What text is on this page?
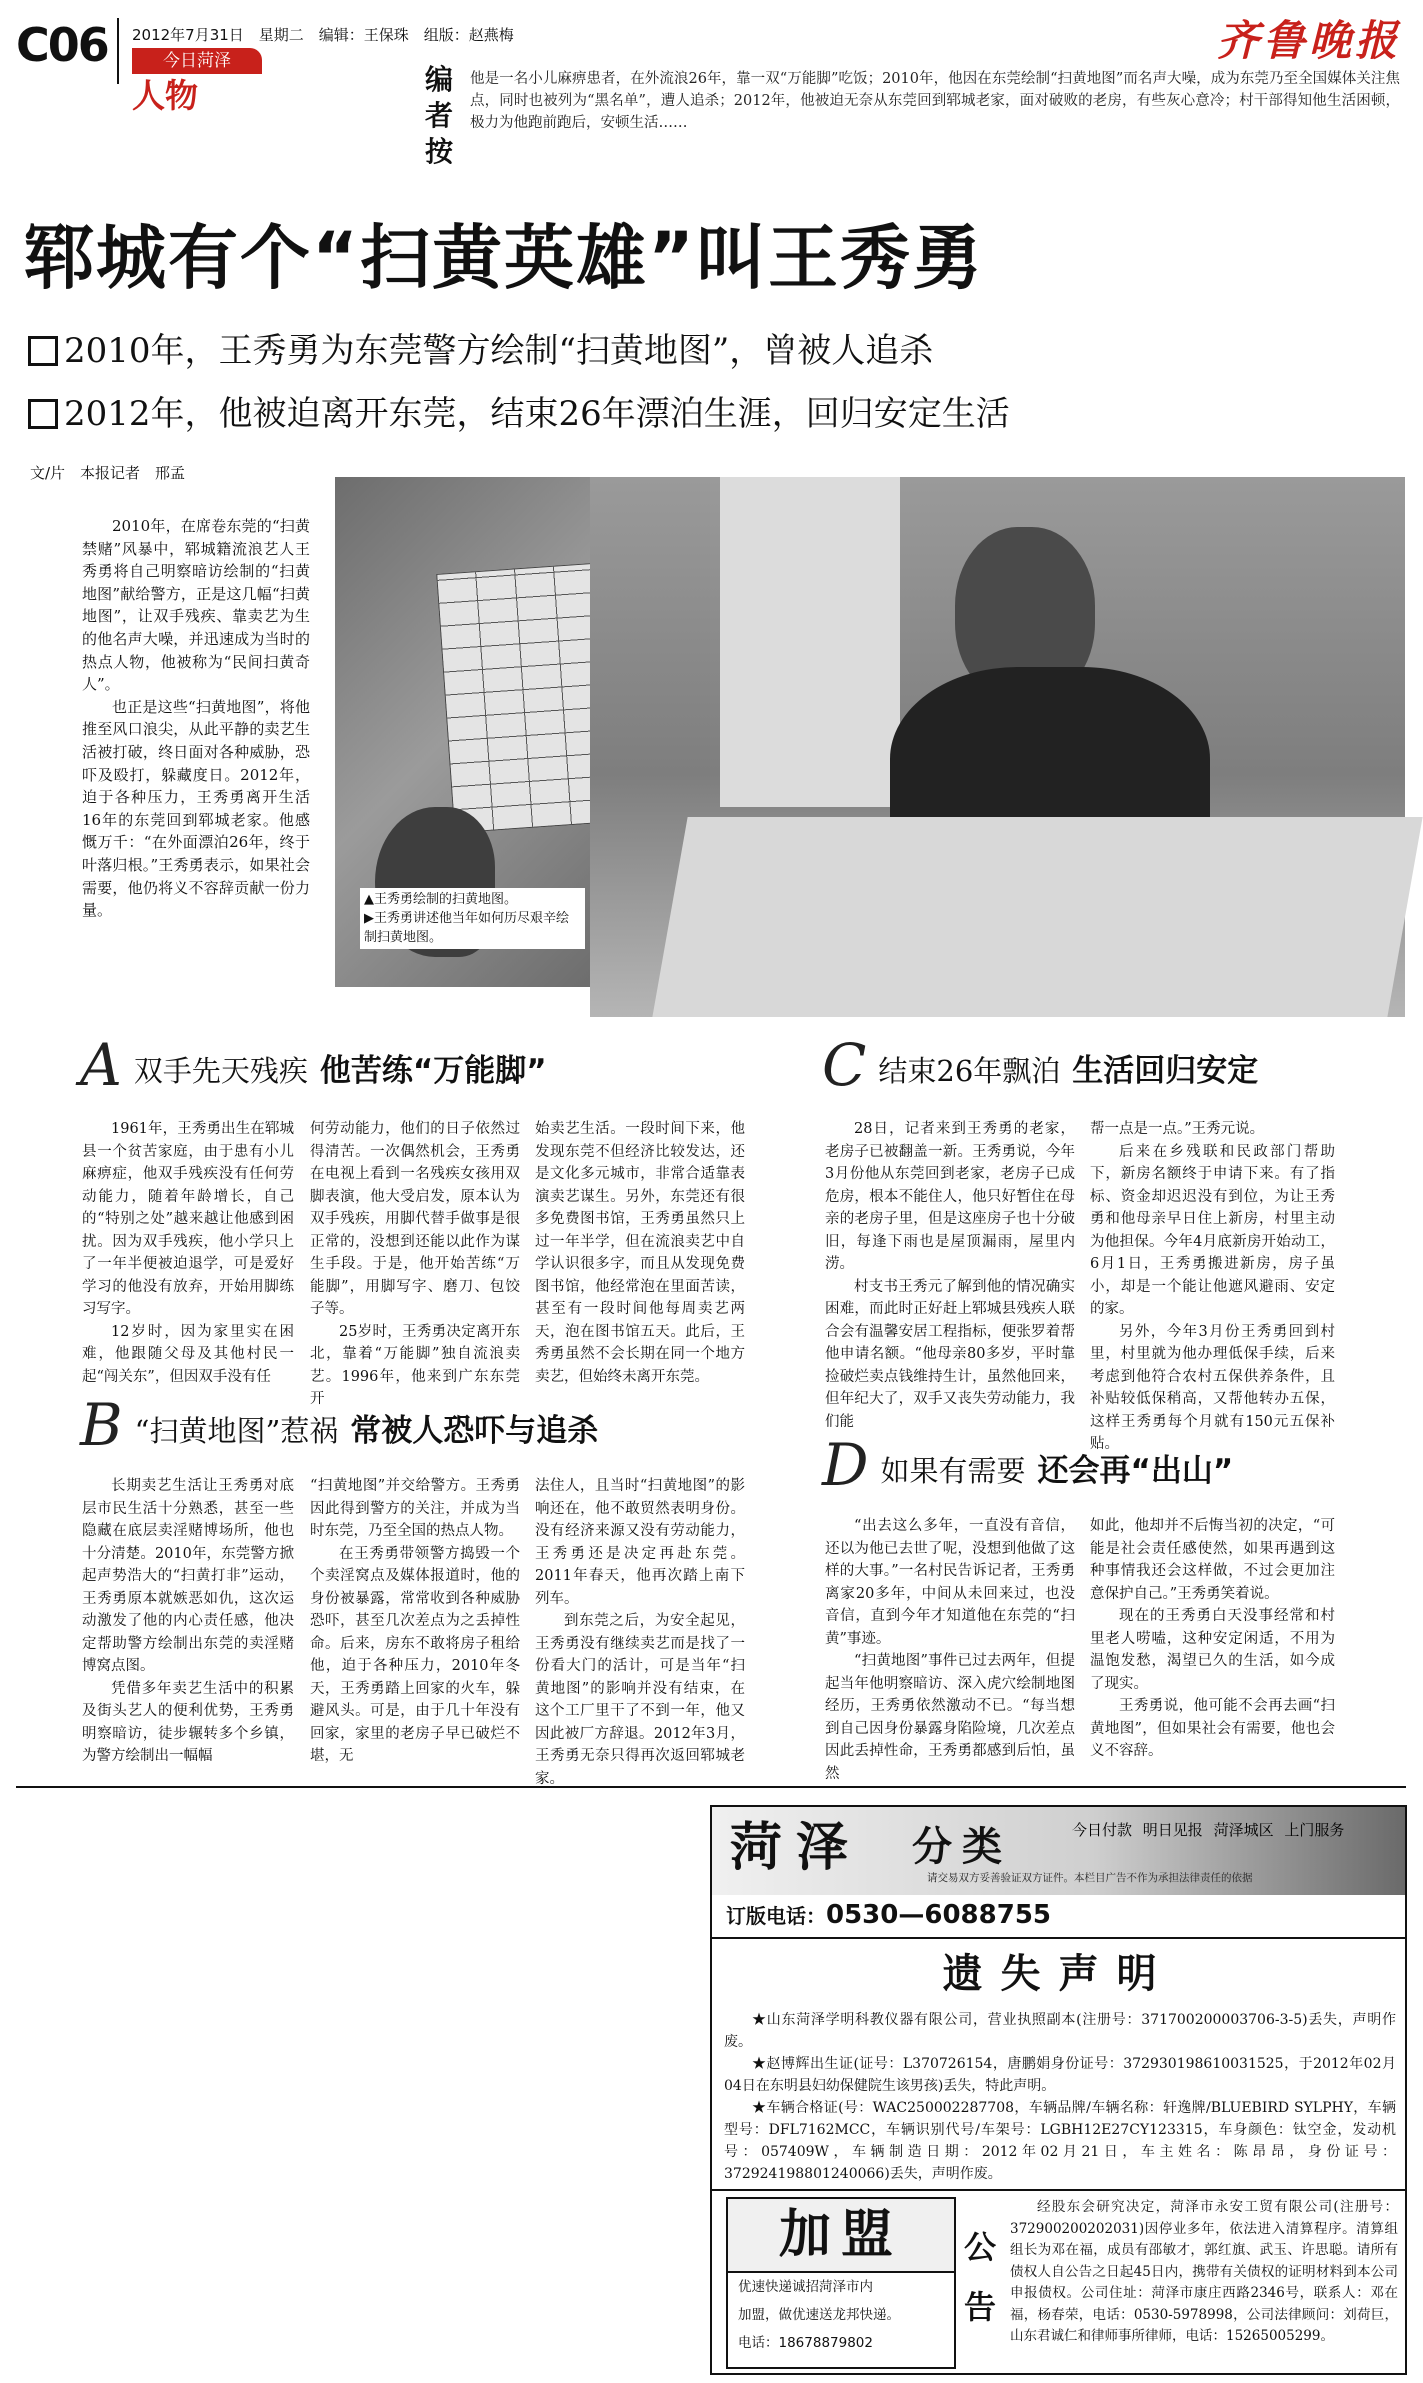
C06 2012年7月31日　星期二　编辑：王保珠　组版：赵燕梅
今日菏泽
人物
齐鲁晚报
编者按
他是一名小儿麻痹患者，在外流浪26年，靠一双“万能脚”吃饭；2010年，他因在东莞绘制“扫黄地图”而名声大噪，成为东莞乃至全国媒体关注焦点，同时也被列为“黑名单”，遭人追杀；2012年，他被迫无奈从东莞回到郓城老家，面对破败的老房，有些灰心意冷；村干部得知他生活困顿，极力为他跑前跑后，安顿生活……
郓城有个“扫黄英雄”叫王秀勇
2010年，王秀勇为东莞警方绘制“扫黄地图”，曾被人追杀
2012年，他被迫离开东莞，结束26年漂泊生涯，回归安定生活
文/片　本报记者　邢孟

2010年，在席卷东莞的“扫黄禁赌”风暴中，郓城籍流浪艺人王秀勇将自己明察暗访绘制的“扫黄地图”献给警方，正是这几幅“扫黄地图”，让双手残疾、靠卖艺为生的他名声大噪，并迅速成为当时的热点人物，他被称为“民间扫黄奇人”。

也正是这些“扫黄地图”，将他推至风口浪尖，从此平静的卖艺生活被打破，终日面对各种威胁，恐吓及殴打，躲藏度日。2012年，迫于各种压力，王秀勇离开生活16年的东莞回到郓城老家。他感慨万千：“在外面漂泊26年，终于叶落归根。”王秀勇表示，如果社会需要，他仍将义不容辞贡献一份力量。

▲王秀勇绘制的扫黄地图。
▶王秀勇讲述他当年如何历尽艰辛绘制扫黄地图。
A 双手先天残疾 他苦练“万能脚”

1961年，王秀勇出生在郓城县一个贫苦家庭，由于患有小儿麻痹症，他双手残疾没有任何劳动能力，随着年龄增长，自己的“特别之处”越来越让他感到困扰。因为双手残疾，他小学只上了一年半便被迫退学，可是爱好学习的他没有放弃，开始用脚练习写字。

12岁时，因为家里实在困难，他跟随父母及其他村民一起“闯关东”，但因双手没有任

何劳动能力，他们的日子依然过得清苦。一次偶然机会，王秀勇在电视上看到一名残疾女孩用双脚表演，他大受启发，原本认为双手残疾，用脚代替手做事是很正常的，没想到还能以此作为谋生手段。于是，他开始苦练“万能脚”，用脚写字、磨刀、包饺子等。

25岁时，王秀勇决定离开东北，靠着“万能脚”独自流浪卖艺。1996年，他来到广东东莞开

始卖艺生活。一段时间下来，他发现东莞不但经济比较发达，还是文化多元城市，非常合适靠表演卖艺谋生。另外，东莞还有很多免费图书馆，王秀勇虽然只上过一年半学，但在流浪卖艺中自学认识很多字，而且从发现免费图书馆，他经常泡在里面苦读，甚至有一段时间他每周卖艺两天，泡在图书馆五天。此后，王秀勇虽然不会长期在同一个地方卖艺，但始终未离开东莞。

B “扫黄地图”惹祸 常被人恐吓与追杀

长期卖艺生活让王秀勇对底层市民生活十分熟悉，甚至一些隐藏在底层卖淫赌博场所，他也十分清楚。2010年，东莞警方掀起声势浩大的“扫黄打非”运动，王秀勇原本就嫉恶如仇，这次运动激发了他的内心责任感，他决定帮助警方绘制出东莞的卖淫赌博窝点图。

凭借多年卖艺生活中的积累及街头艺人的便利优势，王秀勇明察暗访，徒步辗转多个乡镇，为警方绘制出一幅幅

“扫黄地图”并交给警方。王秀勇因此得到警方的关注，并成为当时东莞，乃至全国的热点人物。

在王秀勇带领警方捣毁一个个卖淫窝点及媒体报道时，他的身份被暴露，常常收到各种威胁恐吓，甚至几次差点为之丢掉性命。后来，房东不敢将房子租给他，迫于各种压力，2010年冬天，王秀勇踏上回家的火车，躲避风头。可是，由于几十年没有回家，家里的老房子早已破烂不堪，无

法住人，且当时“扫黄地图”的影响还在，他不敢贸然表明身份。没有经济来源又没有劳动能力，王秀勇还是决定再赴东莞。2011年春天，他再次踏上南下列车。

到东莞之后，为安全起见，王秀勇没有继续卖艺而是找了一份看大门的活计，可是当年“扫黄地图”的影响并没有结束，在这个工厂里干了不到一年，他又因此被厂方辞退。2012年3月，王秀勇无奈只得再次返回郓城老家。

C 结束26年飘泊 生活回归安定

28日，记者来到王秀勇的老家，老房子已被翻盖一新。王秀勇说，今年3月份他从东莞回到老家，老房子已成危房，根本不能住人，他只好暂住在母亲的老房子里，但是这座房子也十分破旧，每逢下雨也是屋顶漏雨，屋里内涝。

村支书王秀元了解到他的情况确实困难，而此时正好赶上郓城县残疾人联合会有温馨安居工程指标，便张罗着帮他申请名额。“他母亲80多岁，平时靠捡破烂卖点钱维持生计，虽然他回来，但年纪大了，双手又丧失劳动能力，我们能

帮一点是一点。”王秀元说。

后来在乡残联和民政部门帮助下，新房名额终于申请下来。有了指标、资金却迟迟没有到位，为让王秀勇和他母亲早日住上新房，村里主动为他担保。今年4月底新房开始动工，6月1日，王秀勇搬进新房，房子虽小，却是一个能让他遮风避雨、安定的家。

另外，今年3月份王秀勇回到村里，村里就为他办理低保手续，后来考虑到他符合农村五保供养条件，且补贴较低保稍高，又帮他转办五保，这样王秀勇每个月就有150元五保补贴。

D 如果有需要 还会再“出山”

“出去这么多年，一直没有音信，还以为他已去世了呢，没想到他做了这样的大事。”一名村民告诉记者，王秀勇离家20多年，中间从未回来过，也没音信，直到今年才知道他在东莞的“扫黄”事迹。

“扫黄地图”事件已过去两年，但提起当年他明察暗访、深入虎穴绘制地图经历，王秀勇依然激动不已。“每当想到自己因身份暴露身陷险境，几次差点因此丢掉性命，王秀勇都感到后怕，虽然

如此，他却并不后悔当初的决定，“可能是社会责任感使然，如果再遇到这种事情我还会这样做，不过会更加注意保护自己。”王秀勇笑着说。

现在的王秀勇白天没事经常和村里老人唠嗑，这种安定闲适，不用为温饱发愁，渴望已久的生活，如今成了现实。

王秀勇说，他可能不会再去画“扫黄地图”，但如果社会有需要，他也会义不容辞。

菏泽 分类	今日付款 明日见报 菏泽城区 上门服务
请交易双方妥善验证双方证件。本栏目广告不作为承担法律责任的依据
订版电话：0530—6088755
遗失声明
★山东菏泽学明科教仪器有限公司，营业执照副本(注册号：371700200003706-3-5)丢失，声明作废。
★赵博辉出生证(证号：L370726154，唐鹏娟身份证号：37293019861003152​5，于2012年02月04日在东明县妇幼保健院生该男孩)丢失，特此声明。
★车辆合格证(号：WAC250002287708，车辆品牌/车辆名称：轩逸牌/BLUEBIRD SYLPHY，车辆型号：DFL7162MCC，车辆识别代号/车架号：LGBH12E27CY123315，车身颜色：钛空金，发动机号：057409W，车辆制造日期：2012年02月21日，车主姓名：陈昂昂，身份证号：372924198801240066)丢失，声明作废。
加盟
优速快递诚招菏泽市内
加盟，做优速送龙邦快递。
电话：18678879802
公告
经股东会研究决定，菏泽市永安工贸有限公司(注册号：372900200202031)因停业多年，依法进入清算程序。清算组组长为邓在福，成员有邵敏才，郭红旗、武玉、许思聪。请所有债权人自公告之日起45日内，携带有关债权的证明材料到本公司申报债权。公司住址：菏泽市康庄西路2346号，联系人：邓在福，杨春荣，电话：0530-5978998，公司法律顾问：刘荷巨，山东君诚仁和律师事所律师，电话：15265005299。
